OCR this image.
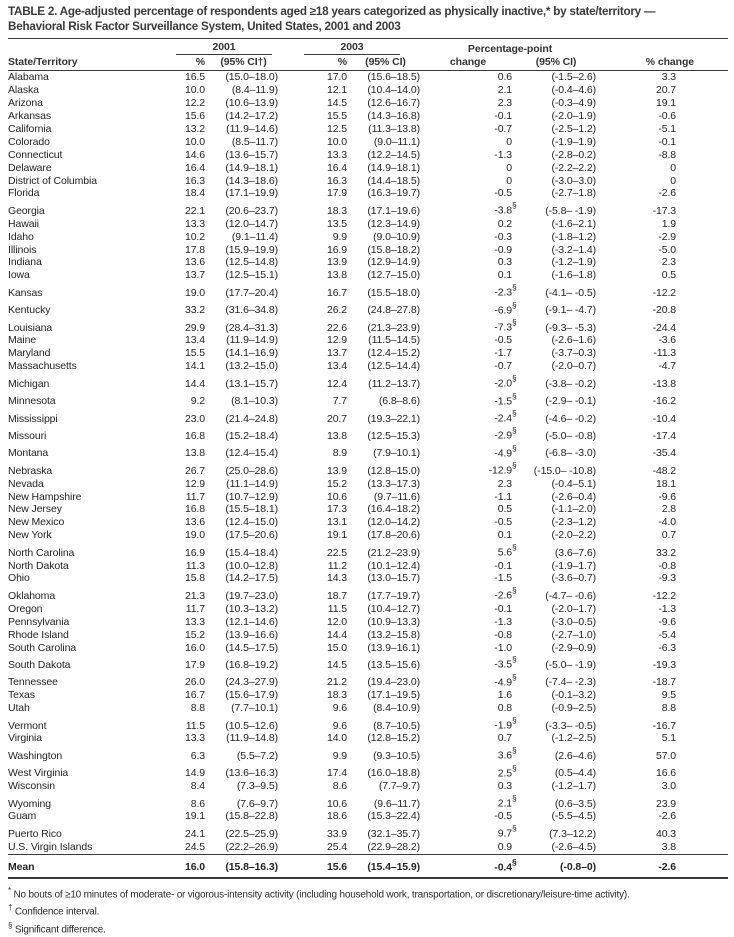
TABLE 2. Age-adjusted percentage of respondents aged ≥18 years categorized as physically inactive,* by state/territory —
Behavioral Risk Factor Surveillance System, United States, 2001 and 2003
	2001		2003		Percentage-point		
State/Territory	%	(95% CI†)	%	(95% CI)	change	(95% CI)	% change
Alabama	16.5	(15.0–18.0)	17.0	(15.6–18.5)	0.6	(-1.5–2.6)	3.3
Alaska	10.0	(8.4–11.9)	12.1	(10.4–14.0)	2.1	(-0.4–4.6)	20.7
Arizona	12.2	(10.6–13.9)	14.5	(12.6–16.7)	2.3	(-0.3–4.9)	19.1
Arkansas	15.6	(14.2–17.2)	15.5	(14.3–16.8)	-0.1	(-2.0–1.9)	-0.6
California	13.2	(11.9–14.6)	12.5	(11.3–13.8)	-0.7	(-2.5–1.2)	-5.1
Colorado	10.0	(8.5–11.7)	10.0	(9.0–11.1)	0	(-1.9–1.9)	-0.1
Connecticut	14.6	(13.6–15.7)	13.3	(12.2–14.5)	-1.3	(-2.8–0.2)	-8.8
Delaware	16.4	(14.9–18.1)	16.4	(14.9–18.1)	0	(-2.2–2.2)	0
District of Columbia	16.3	(14.3–18.6)	16.3	(14.4–18.5)	0	(-3.0–3.0)	0
Florida	18.4	(17.1–19.9)	17.9	(16.3–19.7)	-0.5	(-2.7–1.8)	-2.6
Georgia	22.1	(20.6–23.7)	18.3	(17.1–19.6)	-3.8§	(-5.8– -1.9)	-17.3
Hawaii	13.3	(12.0–14.7)	13.5	(12.3–14.9)	0.2	(-1.6–2.1)	1.9
Idaho	10.2	(9.1–11.4)	9.9	(9.0–10.9)	-0.3	(-1.8–1.2)	-2.9
Illinois	17.8	(15.9–19.9)	16.9	(15.8–18.2)	-0.9	(-3.2–1.4)	-5.0
Indiana	13.6	(12.5–14.8)	13.9	(12.9–14.9)	0.3	(-1.2–1.9)	2.3
Iowa	13.7	(12.5–15.1)	13.8	(12.7–15.0)	0.1	(-1.6–1.8)	0.5
Kansas	19.0	(17.7–20.4)	16.7	(15.5–18.0)	-2.3§	(-4.1– -0.5)	-12.2
Kentucky	33.2	(31.6–34.8)	26.2	(24.8–27.8)	-6.9§	(-9.1– -4.7)	-20.8
Louisiana	29.9	(28.4–31.3)	22.6	(21.3–23.9)	-7.3§	(-9.3– -5.3)	-24.4
Maine	13.4	(11.9–14.9)	12.9	(11.5–14.5)	-0.5	(-2.6–1.6)	-3.6
Maryland	15.5	(14.1–16.9)	13.7	(12.4–15.2)	-1.7	(-3.7–0.3)	-11.3
Massachusetts	14.1	(13.2–15.0)	13.4	(12.5–14.4)	-0.7	(-2.0–0.7)	-4.7
Michigan	14.4	(13.1–15.7)	12.4	(11.2–13.7)	-2.0§	(-3.8– -0.2)	-13.8
Minnesota	9.2	(8.1–10.3)	7.7	(6.8–8.6)	-1.5§	(-2.9– -0.1)	-16.2
Mississippi	23.0	(21.4–24.8)	20.7	(19.3–22.1)	-2.4§	(-4.6– -0.2)	-10.4
Missouri	16.8	(15.2–18.4)	13.8	(12.5–15.3)	-2.9§	(-5.0– -0.8)	-17.4
Montana	13.8	(12.4–15.4)	8.9	(7.9–10.1)	-4.9§	(-6.8– -3.0)	-35.4
Nebraska	26.7	(25.0–28.6)	13.9	(12.8–15.0)	-12.9§	(-15.0– -10.8)	-48.2
Nevada	12.9	(11.1–14.9)	15.2	(13.3–17.3)	2.3	(-0.4–5.1)	18.1
New Hampshire	11.7	(10.7–12.9)	10.6	(9.7–11.6)	-1.1	(-2.6–0.4)	-9.6
New Jersey	16.8	(15.5–18.1)	17.3	(16.4–18.2)	0.5	(-1.1–2.0)	2.8
New Mexico	13.6	(12.4–15.0)	13.1	(12.0–14.2)	-0.5	(-2.3–1.2)	-4.0
New York	19.0	(17.5–20.6)	19.1	(17.8–20.6)	0.1	(-2.0–2.2)	0.7
North Carolina	16.9	(15.4–18.4)	22.5	(21.2–23.9)	5.6§	(3.6–7.6)	33.2
North Dakota	11.3	(10.0–12.8)	11.2	(10.1–12.4)	-0.1	(-1.9–1.7)	-0.8
Ohio	15.8	(14.2–17.5)	14.3	(13.0–15.7)	-1.5	(-3.6–0.7)	-9.3
Oklahoma	21.3	(19.7–23.0)	18.7	(17.7–19.7)	-2.6§	(-4.7– -0.6)	-12.2
Oregon	11.7	(10.3–13.2)	11.5	(10.4–12.7)	-0.1	(-2.0–1.7)	-1.3
Pennsylvania	13.3	(12.1–14.6)	12.0	(10.9–13.3)	-1.3	(-3.0–0.5)	-9.6
Rhode Island	15.2	(13.9–16.6)	14.4	(13.2–15.8)	-0.8	(-2.7–1.0)	-5.4
South Carolina	16.0	(14.5–17.5)	15.0	(13.9–16.1)	-1.0	(-2.9–0.9)	-6.3
South Dakota	17.9	(16.8–19.2)	14.5	(13.5–15.6)	-3.5§	(-5.0– -1.9)	-19.3
Tennessee	26.0	(24.3–27.9)	21.2	(19.4–23.0)	-4.9§	(-7.4– -2.3)	-18.7
Texas	16.7	(15.6–17.9)	18.3	(17.1–19.5)	1.6	(-0.1–3.2)	9.5
Utah	8.8	(7.7–10.1)	9.6	(8.4–10.9)	0.8	(-0.9–2.5)	8.8
Vermont	11.5	(10.5–12.6)	9.6	(8.7–10.5)	-1.9§	(-3.3– -0.5)	-16.7
Virginia	13.3	(11.9–14.8)	14.0	(12.8–15.2)	0.7	(-1.2–2.5)	5.1
Washington	6.3	(5.5–7.2)	9.9	(9.3–10.5)	3.6§	(2.6–4.6)	57.0
West Virginia	14.9	(13.6–16.3)	17.4	(16.0–18.8)	2.5§	(0.5–4.4)	16.6
Wisconsin	8.4	(7.3–9.5)	8.6	(7.7–9.7)	0.3	(-1.2–1.7)	3.0
Wyoming	8.6	(7.6–9.7)	10.6	(9.6–11.7)	2.1§	(0.6–3.5)	23.9
Guam	19.1	(15.8–22.8)	18.6	(15.3–22.4)	-0.5	(-5.5–4.5)	-2.6
Puerto Rico	24.1	(22.5–25.9)	33.9	(32.1–35.7)	9.7§	(7.3–12.2)	40.3
U.S. Virgin Islands	24.5	(22.2–26.9)	25.4	(22.9–28.2)	0.9	(-2.6–4.5)	3.8
Mean	16.0	(15.8–16.3)	15.6	(15.4–15.9)	-0.4§	(-0.8–0)	-2.6
* No bouts of ≥10 minutes of moderate- or vigorous-intensity activity (including household work, transportation, or discretionary/leisure-time activity).
† Confidence interval.
§ Significant difference.
